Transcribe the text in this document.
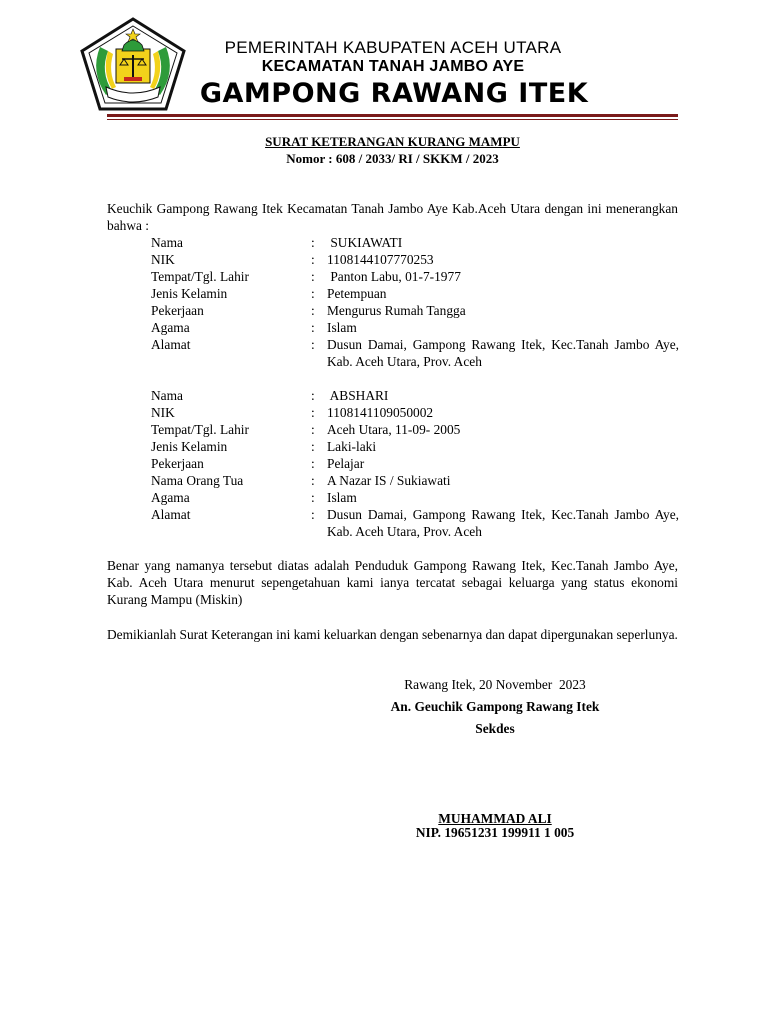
PEMERINTAH KABUPATEN ACEH UTARA
KECAMATAN TANAH JAMBO AYE
GAMPONG RAWANG ITEK
SURAT KETERANGAN KURANG MAMPU
Nomor : 608 / 2033/ RI / SKKM / 2023
Keuchik Gampong Rawang Itek Kecamatan Tanah Jambo Aye Kab.Aceh Utara dengan ini menerangkan bahwa :
Nama	: SUKIAWATI
NIK	: 1108144107770253
Tempat/Tgl. Lahir	: Panton Labu, 01-7-1977
Jenis Kelamin	: Petempuan
Pekerjaan	: Mengurus Rumah Tangga
Agama	: Islam
Alamat	: Dusun Damai, Gampong Rawang Itek, Kec.Tanah Jambo Aye, Kab. Aceh Utara, Prov. Aceh
Nama	: ABSHARI
NIK	: 1108141109050002
Tempat/Tgl. Lahir	: Aceh Utara, 11-09- 2005
Jenis Kelamin	: Laki-laki
Pekerjaan	: Pelajar
Nama Orang Tua	: A Nazar IS / Sukiawati
Agama	: Islam
Alamat	: Dusun Damai, Gampong Rawang Itek, Kec.Tanah Jambo Aye, Kab. Aceh Utara, Prov. Aceh
Benar yang namanya tersebut diatas adalah Penduduk Gampong Rawang Itek, Kec.Tanah Jambo Aye, Kab. Aceh Utara menurut sepengetahuan kami ianya tercatat sebagai keluarga yang status ekonomi Kurang Mampu (Miskin)
Demikianlah Surat Keterangan ini kami keluarkan dengan sebenarnya dan dapat dipergunakan seperlunya.
Rawang Itek, 20 November  2023
An. Geuchik Gampong Rawang Itek
Sekdes
MUHAMMAD ALI
NIP. 19651231 199911 1 005
